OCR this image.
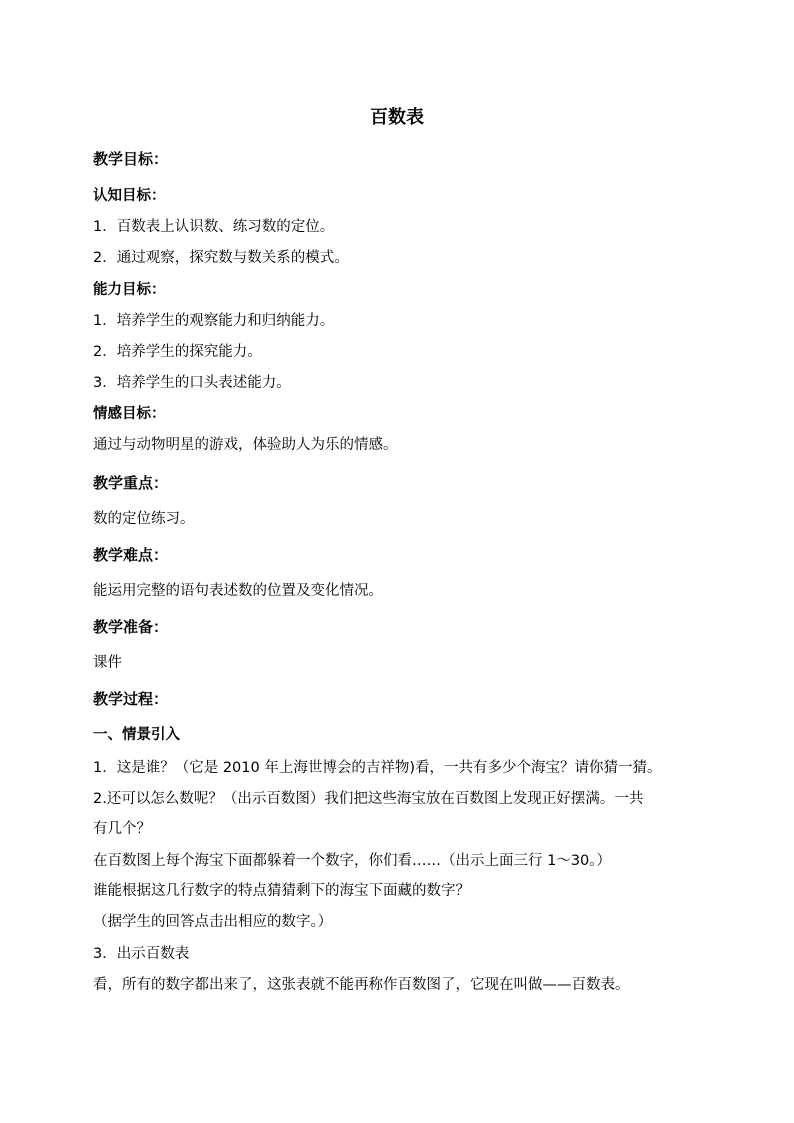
百数表
教学目标：
认知目标：
1．百数表上认识数、练习数的定位。
2．通过观察，探究数与数关系的模式。
能力目标：
1．培养学生的观察能力和归纳能力。
2．培养学生的探究能力。
3．培养学生的口头表述能力。
情感目标：
通过与动物明星的游戏，体验助人为乐的情感。
教学重点：
数的定位练习。
教学难点：
能运用完整的语句表述数的位置及变化情况。
教学准备：
课件
教学过程：
一、情景引入
1．这是谁？（它是 2010 年上海世博会的吉祥物)看，一共有多少个海宝？请你猜一猜。
2.还可以怎么数呢？（出示百数图）我们把这些海宝放在百数图上发现正好摆满。一共
有几个？
在百数图上每个海宝下面都躲着一个数字，你们看……（出示上面三行 1～30。）
谁能根据这几行数字的特点猜猜剩下的海宝下面藏的数字？
（据学生的回答点击出相应的数字。）
3．出示百数表
看，所有的数字都出来了，这张表就不能再称作百数图了，它现在叫做——百数表。
